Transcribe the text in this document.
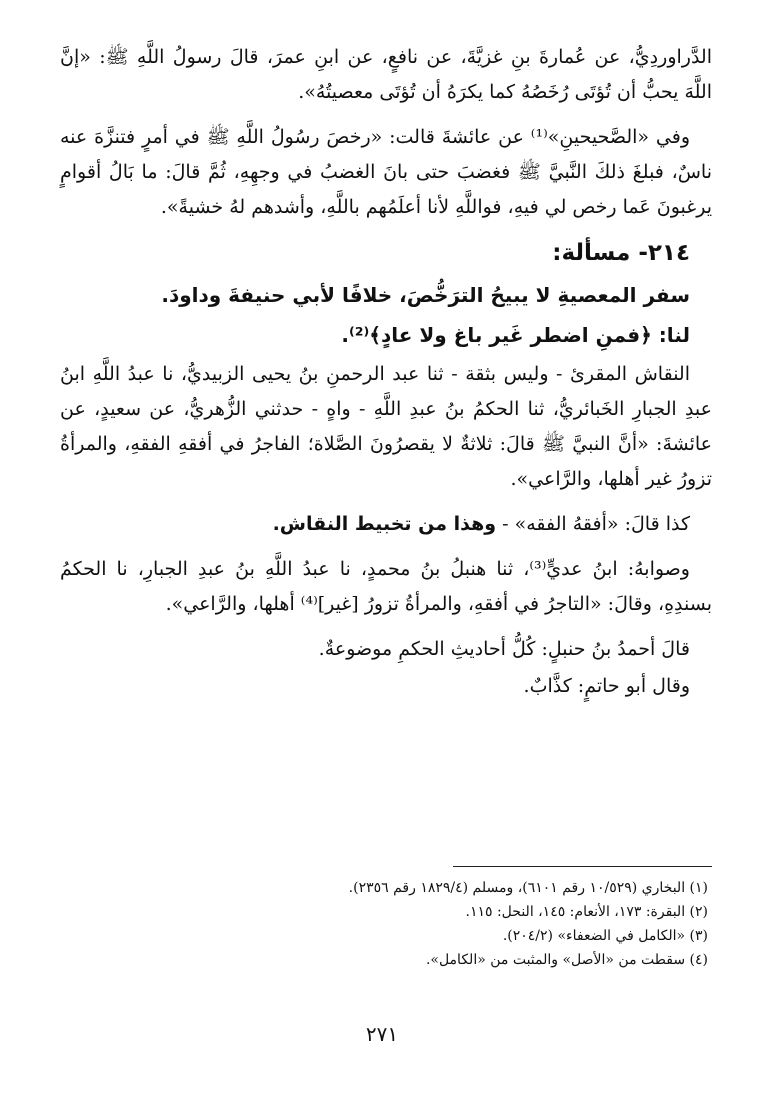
الدَّراوردِيُّ، عن عُمارةَ بنِ غزيَّةَ، عن نافعٍ، عن ابنِ عمرَ، قالَ رسولُ اللَّهِ ﷺ: «إنَّ اللَّهَ يحبُّ أن تُؤتَى رُخَصُهُ كما يكرَهُ أن تُؤتَى معصيتُهُ».

وفي «الصَّحيحينِ»⁽¹⁾ عن عائشةَ قالت: «رخصَ رسُولُ اللَّهِ ﷺ في أمرٍ فتنزَّهَ عنه ناسٌ، فبلغَ ذلكَ النَّبيَّ ﷺ فغضبَ حتى بانَ الغضبُ في وجهِهِ، ثُمَّ قالَ: ما بَالُ أقوامٍ يرغبونَ عَما رخص لي فيهِ، فواللَّهِ لأنا أعلَمُهم باللَّهِ، وأشدهم لهُ خشيةً».

٢١٤- مسألة:
سفر المعصيةِ لا يبيحُ الترَخُّصَ، خلافًا لأبي حنيفةَ وداودَ.
لنا: ﴿فمنِ اضطر غَير باغ ولا عادٍ﴾⁽²⁾.

النقاش المقرئ - وليس بثقة - ثنا عبد الرحمنِ بنُ يحيى الزبيديُّ، نا عبدُ اللَّهِ ابنُ عبدِ الجبارِ الخَبائريُّ، ثنا الحكمُ بنُ عبدِ اللَّهِ - واهٍ - حدثني الزُّهريُّ، عن سعيدٍ، عن عائشةَ: «أنَّ النبيَّ ﷺ قالَ: ثلاثةٌ لا يقصرُونَ الصَّلاة؛ الفاجرُ في أفقهِ الفقهِ، والمرأةُ تزورُ غير أهلها، والرَّاعي».

كذا قالَ: «أفقهُ الفقه» - وهذا من تخبيط النقاش.

وصوابهُ: ابنُ عديٍّ⁽³⁾، ثنا هنبلُ بنُ محمدٍ، نا عبدُ اللَّهِ بنُ عبدِ الجبارِ، نا الحكمُ بسندِهِ، وقالَ: «التاجرُ في أفقهِ، والمرأةُ تزورُ [غير]⁽⁴⁾ أهلها، والرَّاعي».

قالَ أحمدُ بنُ حنبلٍ: كُلُّ أحاديثِ الحكمِ موضوعةٌ.

وقال أبو حاتمٍ: كذَّابٌ.

(١) البخاري (١٠/٥٢٩ رقم ٦١٠١)، ومسلم (١٨٢٩/٤ رقم ٢٣٥٦).
(٢) البقرة: ١٧٣، الأنعام: ١٤٥، النحل: ١١٥.
(٣) «الكامل في الضعفاء» (٢٠٤/٢).
(٤) سقطت من «الأصل» والمثبت من «الكامل».
٢٧١
